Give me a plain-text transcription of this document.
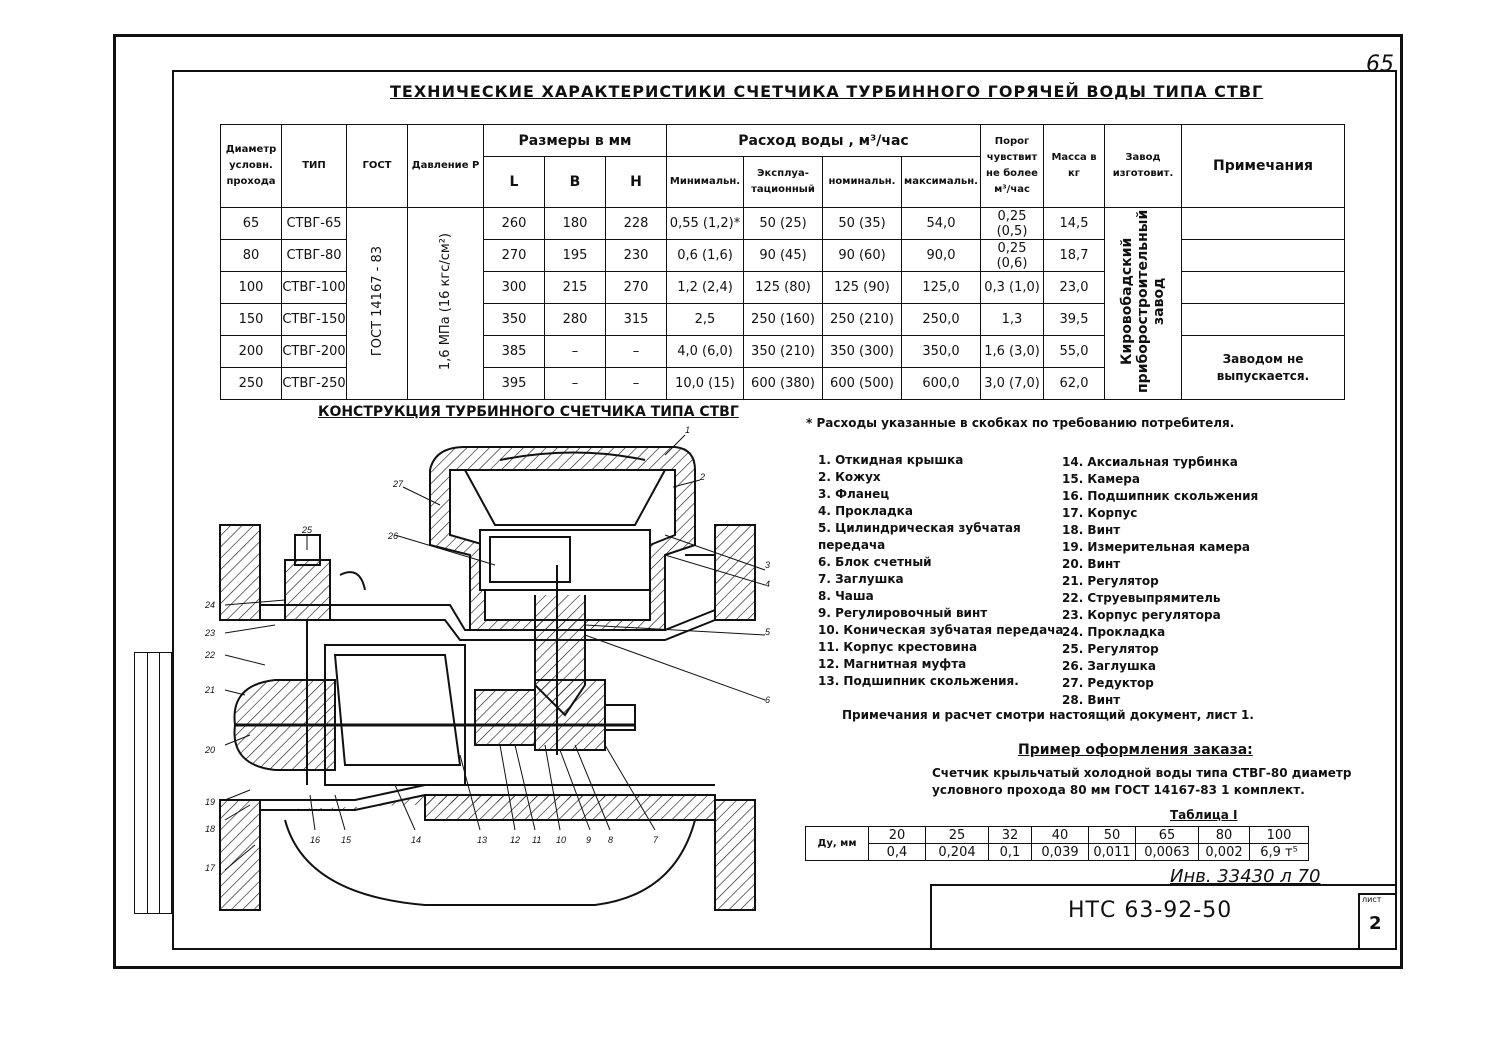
65
ТЕХНИЧЕСКИЕ ХАРАКТЕРИСТИКИ СЧЕТЧИКА ТУРБИННОГО ГОРЯЧЕЙ ВОДЫ ТИПА СТВГ
Диаметр условн. прохода	ТИП	ГОСТ	Давление Р	Размеры в мм			Расход воды , м³/час				Порог чувствит не более м³/час	Масса в кг	Завод изготовит.	Примечания
				L	B	H	Минимальн.	Эксплуа-тационный	номинальн.	максимальн.				
65	СТВГ-65	ГОСТ 14167 - 83	1,6 МПа (16 кгс/см²)	260	180	228	0,55 (1,2)*	50 (25)	50 (35)	54,0	0,25 (0,5)	14,5	Кировобадский приборостроительный завод	
80	СТВГ-80			270	195	230	0,6 (1,6)	90 (45)	90 (60)	90,0	0,25 (0,6)	18,7		
100	СТВГ-100			300	215	270	1,2 (2,4)	125 (80)	125 (90)	125,0	0,3 (1,0)	23,0		
150	СТВГ-150			350	280	315	2,5	250 (160)	250 (210)	250,0	1,3	39,5		
200	СТВГ-200			385	–	–	4,0 (6,0)	350 (210)	350 (300)	350,0	1,6 (3,0)	55,0		Заводом не выпускается.
250	СТВГ-250			395	–	–	10,0 (15)	600 (380)	600 (500)	600,0	3,0 (7,0)	62,0		
КОНСТРУКЦИЯ ТУРБИННОГО СЧЕТЧИКА ТИПА СТВГ
* Расходы указанные в скобках по требованию потребителя.
1
2
3
4
5
6
7
8
9
10
11
12
13
14
15
16
17
18
19
20
21
22
23
24
25
26
27
1. Откидная крышка
2. Кожух
3. Фланец
4. Прокладка
5. Цилиндрическая зубчатая
передача
6. Блок счетный
7. Заглушка
8. Чаша
9. Регулировочный винт
10. Коническая зубчатая передача
11. Корпус крестовина
12. Магнитная муфта
13. Подшипник скольжения.
14. Аксиальная турбинка
15. Камера
16. Подшипник скольжения
17. Корпус
18. Винт
19. Измерительная камера
20. Винт
21. Регулятор
22. Струевыпрямитель
23. Корпус регулятора
24. Прокладка
25. Регулятор
26. Заглушка
27. Редуктор
28. Винт
Примечания и расчет смотри настоящий документ, лист 1.
Пример оформления заказа:
Счетчик крыльчатый холодной воды типа СТВГ-80 диаметр
условного прохода 80 мм ГОСТ 14167-83 1 комплект.
Таблица I
Ду, мм	20	25	32	40	50	65	80	100
	0,4	0,204	0,1	0,039	0,011	0,0063	0,002	6,9 т⁵
Инв. 33430 л 70
НТС 63-92-50	лист
2
